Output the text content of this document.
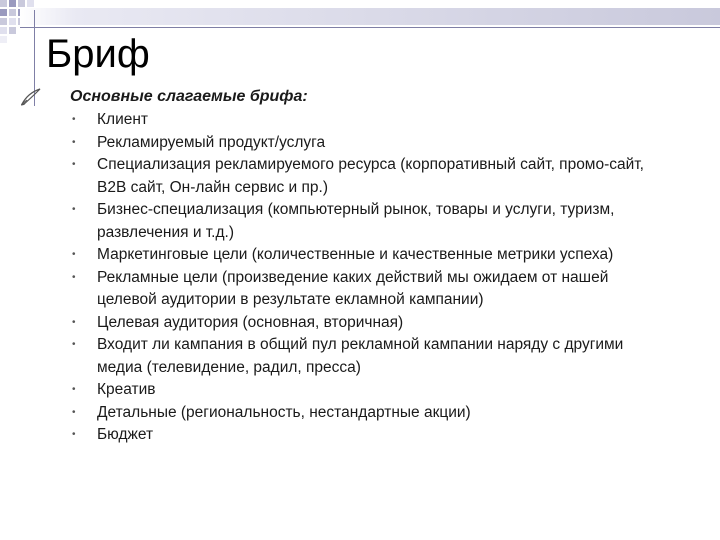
Бриф
Основные слагаемые брифа:
• Клиент
• Рекламируемый продукт/услуга
• Специализация рекламируемого ресурса (корпоративный сайт, промо-сайт, B2B сайт, Он-лайн сервис и пр.)
• Бизнес-специализация (компьютерный рынок, товары и услуги, туризм, развлечения и т.д.)
• Маркетинговые цели (количественные и качественные метрики успеха)
• Рекламные цели (произведение каких действий мы ожидаем от нашей целевой аудитории в результате екламной кампании)
• Целевая аудитория (основная, вторичная)
• Входит ли кампания в общий пул рекламной кампании наряду с другими медиа (телевидение, радил, пресса)
• Креатив
• Детальные (региональность, нестандартные акции)
• Бюджет
